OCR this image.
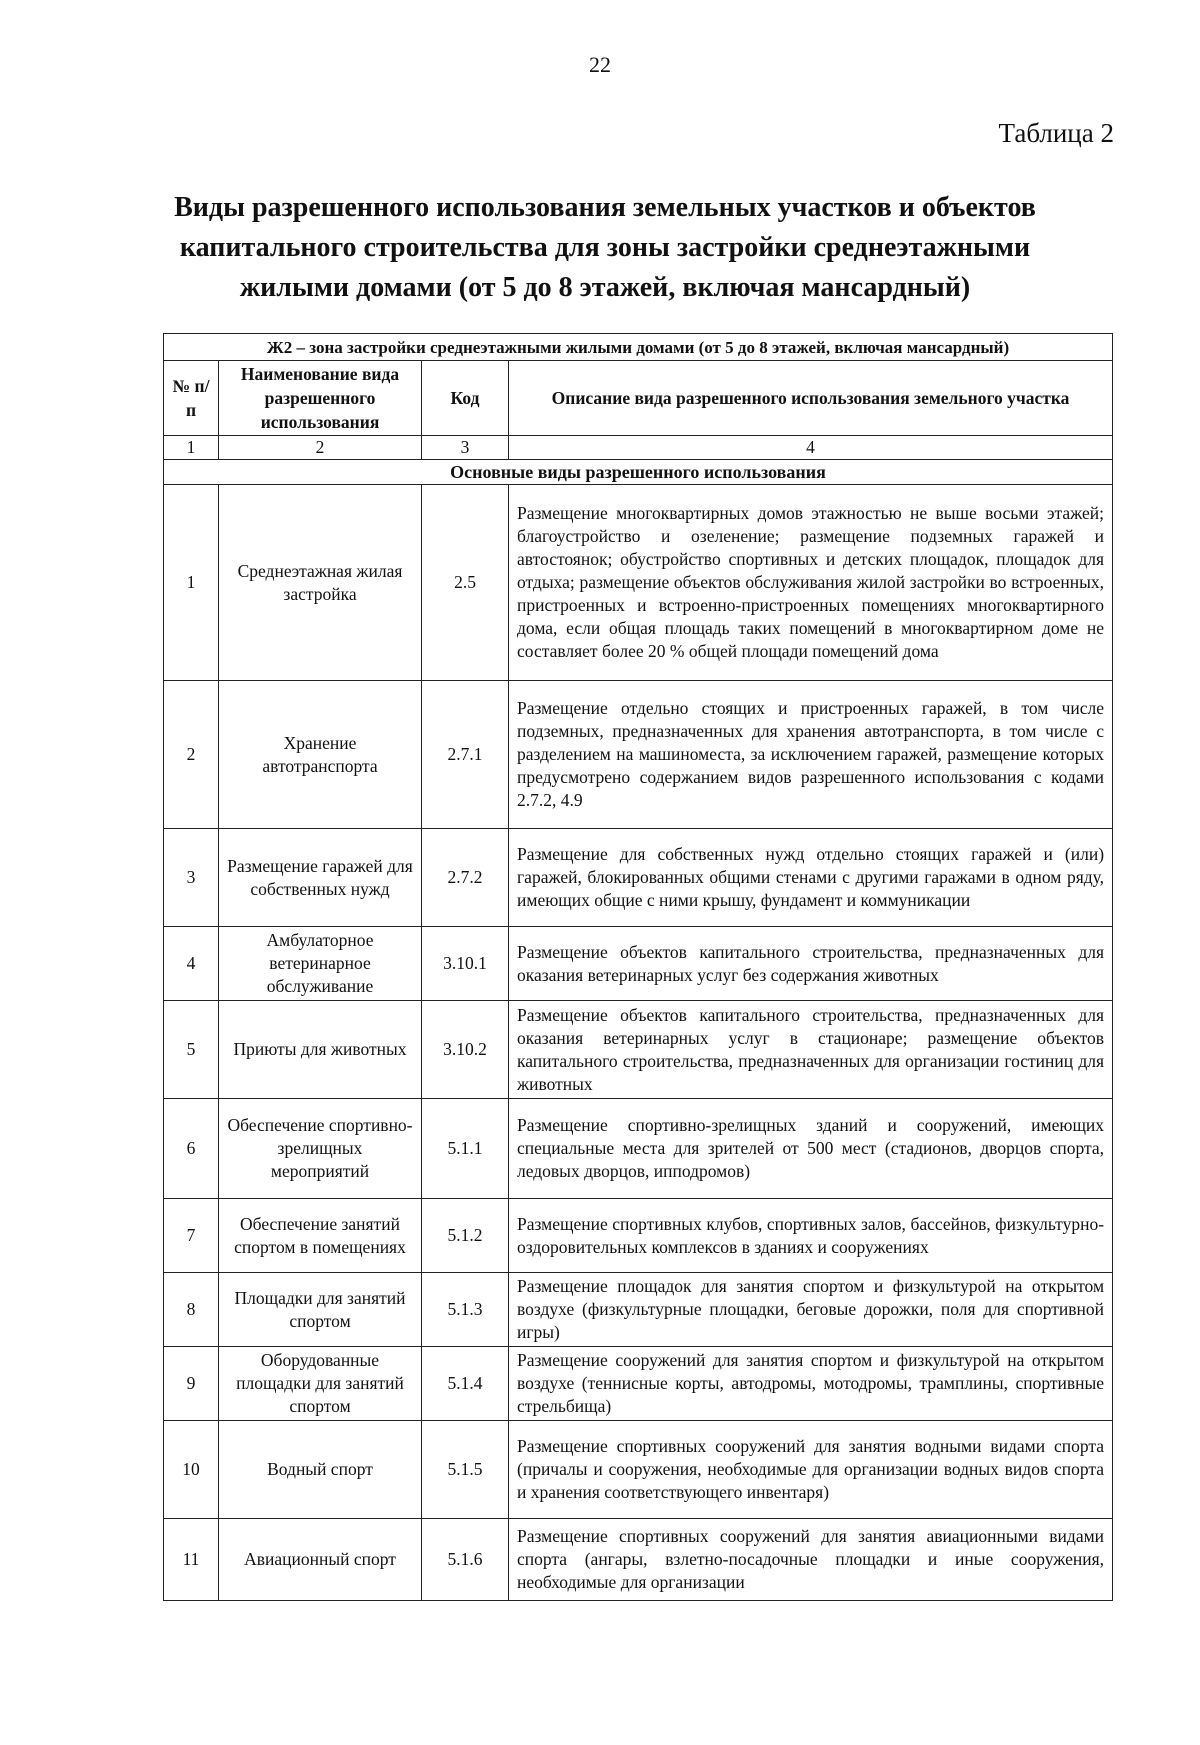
22
Таблица 2
Виды разрешенного использования земельных участков и объектов капитального строительства для зоны застройки среднеэтажными жилыми домами (от 5 до 8 этажей, включая мансардный)
Ж2 – зона застройки среднеэтажными жилыми домами (от 5 до 8 этажей, включая мансардный)			
№ п/п	Наименование вида разрешенного использования	Код	Описание вида разрешенного использования земельного участка
1	2	3	4
Основные виды разрешенного использования			
1	Среднеэтажная жилая застройка	2.5	Размещение многоквартирных домов этажностью не выше восьми этажей; благоустройство и озеленение; размещение подземных гаражей и автостоянок; обустройство спортивных и детских площадок, площадок для отдыха; размещение объектов обслуживания жилой застройки во встроенных, пристроенных и встроенно-пристроенных помещениях многоквартирного дома, если общая площадь таких помещений в многоквартирном доме не составляет более 20 % общей площади помещений дома
2	Хранение автотранспорта	2.7.1	Размещение отдельно стоящих и пристроенных гаражей, в том числе подземных, предназначенных для хранения автотранспорта, в том числе с разделением на машиноместа, за исключением гаражей, размещение которых предусмотрено содержанием видов разрешенного использования с кодами 2.7.2, 4.9
3	Размещение гаражей для собственных нужд	2.7.2	Размещение для собственных нужд отдельно стоящих гаражей и (или) гаражей, блокированных общими стенами с другими гаражами в одном ряду, имеющих общие с ними крышу, фундамент и коммуникации
4	Амбулаторное ветеринарное обслуживание	3.10.1	Размещение объектов капитального строительства, предназначенных для оказания ветеринарных услуг без содержания животных
5	Приюты для животных	3.10.2	Размещение объектов капитального строительства, предназначенных для оказания ветеринарных услуг в стационаре; размещение объектов капитального строительства, предназначенных для организации гостиниц для животных
6	Обеспечение спортивно-зрелищных мероприятий	5.1.1	Размещение спортивно-зрелищных зданий и сооружений, имеющих специальные места для зрителей от 500 мест (стадионов, дворцов спорта, ледовых дворцов, ипподромов)
7	Обеспечение занятий спортом в помещениях	5.1.2	Размещение спортивных клубов, спортивных залов, бассейнов, физкультурно-оздоровительных комплексов в зданиях и сооружениях
8	Площадки для занятий спортом	5.1.3	Размещение площадок для занятия спортом и физкультурой на открытом воздухе (физкультурные площадки, беговые дорожки, поля для спортивной игры)
9	Оборудованные площадки для занятий спортом	5.1.4	Размещение сооружений для занятия спортом и физкультурой на открытом воздухе (теннисные корты, автодромы, мотодромы, трамплины, спортивные стрельбища)
10	Водный спорт	5.1.5	Размещение спортивных сооружений для занятия водными видами спорта (причалы и сооружения, необходимые для организации водных видов спорта и хранения соответствующего инвентаря)
11	Авиационный спорт	5.1.6	Размещение спортивных сооружений для занятия авиационными видами спорта (ангары, взлетно-посадочные площадки и иные сооружения, необходимые для организации
